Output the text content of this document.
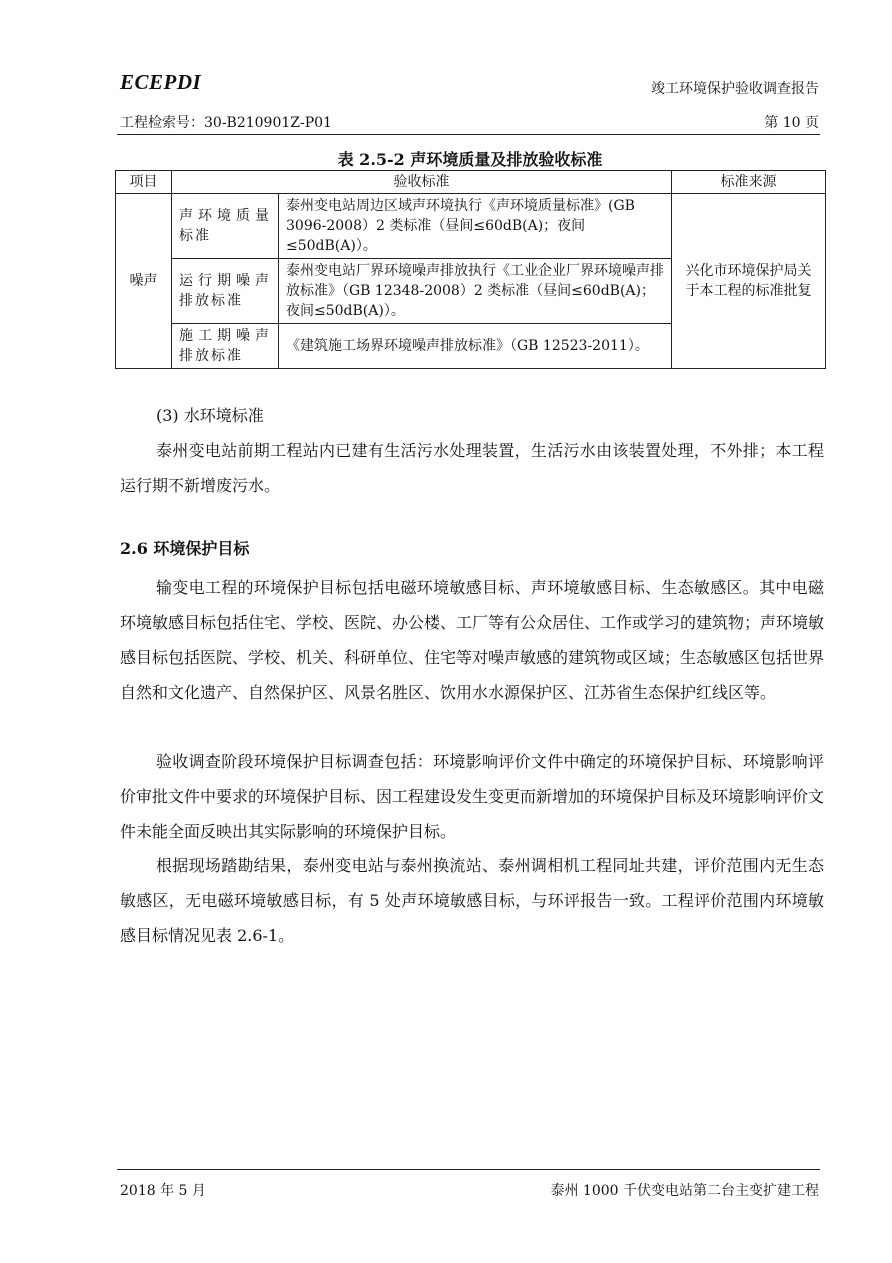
ECEPDI	竣工环境保护验收调查报告
工程检索号：30-B210901Z-P01	第 10 页
表 2.5-2 声环境质量及排放验收标准
项目	验收标准		标准来源
噪声	声环境质量标准	泰州变电站周边区域声环境执行《声环境质量标准》(GB 3096-2008）2 类标准（昼间≤60dB(A)；夜间≤50dB(A)）。	兴化市环境保护局关于本工程的标准批复
	运行期噪声排放标准	泰州变电站厂界环境噪声排放执行《工业企业厂界环境噪声排放标准》（GB 12348-2008）2 类标准（昼间≤60dB(A)；夜间≤50dB(A)）。	
	施工期噪声排放标准	《建筑施工场界环境噪声排放标准》（GB 12523-2011）。	

(3) 水环境标准

泰州变电站前期工程站内已建有生活污水处理装置，生活污水由该装置处理，不外排；本工程运行期不新增废污水。

2.6 环境保护目标

输变电工程的环境保护目标包括电磁环境敏感目标、声环境敏感目标、生态敏感区。其中电磁环境敏感目标包括住宅、学校、医院、办公楼、工厂等有公众居住、工作或学习的建筑物；声环境敏感目标包括医院、学校、机关、科研单位、住宅等对噪声敏感的建筑物或区域；生态敏感区包括世界自然和文化遗产、自然保护区、风景名胜区、饮用水水源保护区、江苏省生态保护红线区等。

验收调查阶段环境保护目标调查包括：环境影响评价文件中确定的环境保护目标、环境影响评价审批文件中要求的环境保护目标、因工程建设发生变更而新增加的环境保护目标及环境影响评价文件未能全面反映出其实际影响的环境保护目标。

根据现场踏勘结果，泰州变电站与泰州换流站、泰州调相机工程同址共建，评价范围内无生态敏感区，无电磁环境敏感目标，有 5 处声环境敏感目标，与环评报告一致。工程评价范围内环境敏感目标情况见表 2.6-1。

2018 年 5 月	泰州 1000 千伏变电站第二台主变扩建工程
